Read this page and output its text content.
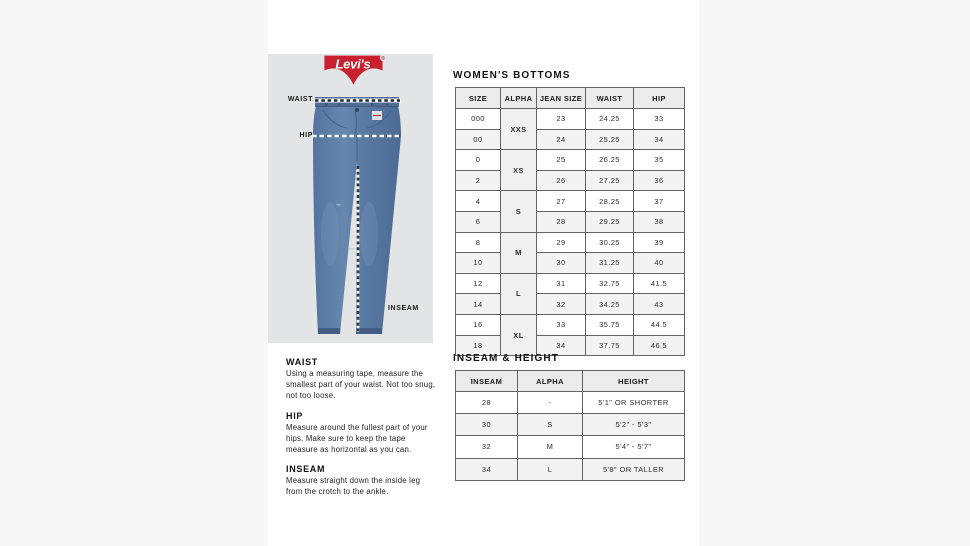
Levi's ®
WAIST
HIP
INSEAM
WOMEN'S BOTTOMS
SIZE	ALPHA	JEAN SIZE	WAIST	HIP
000	XXS	23	24.25	33
00		24	25.25	34
0	XS	25	26.25	35
2		26	27.25	36
4	S	27	28.25	37
6		28	29.25	38
8	M	29	30.25	39
10		30	31.25	40
12	L	31	32.75	41.5
14		32	34.25	43
16	XL	33	35.75	44.5
18		34	37.75	46.5
INSEAM & HEIGHT
INSEAM	ALPHA	HEIGHT
28	-	5'1" OR SHORTER
30	S	5'2" - 5'3"
32	M	5'4" - 5'7"
34	L	5'8" OR TALLER
WAIST
Using a measuring tape, measure the smallest part of your waist. Not too snug, not too loose.
HIP
Measure around the fullest part of your hips. Make sure to keep the tape measure as horizontal as you can.
INSEAM
Measure straight down the inside leg from the crotch to the ankle.
